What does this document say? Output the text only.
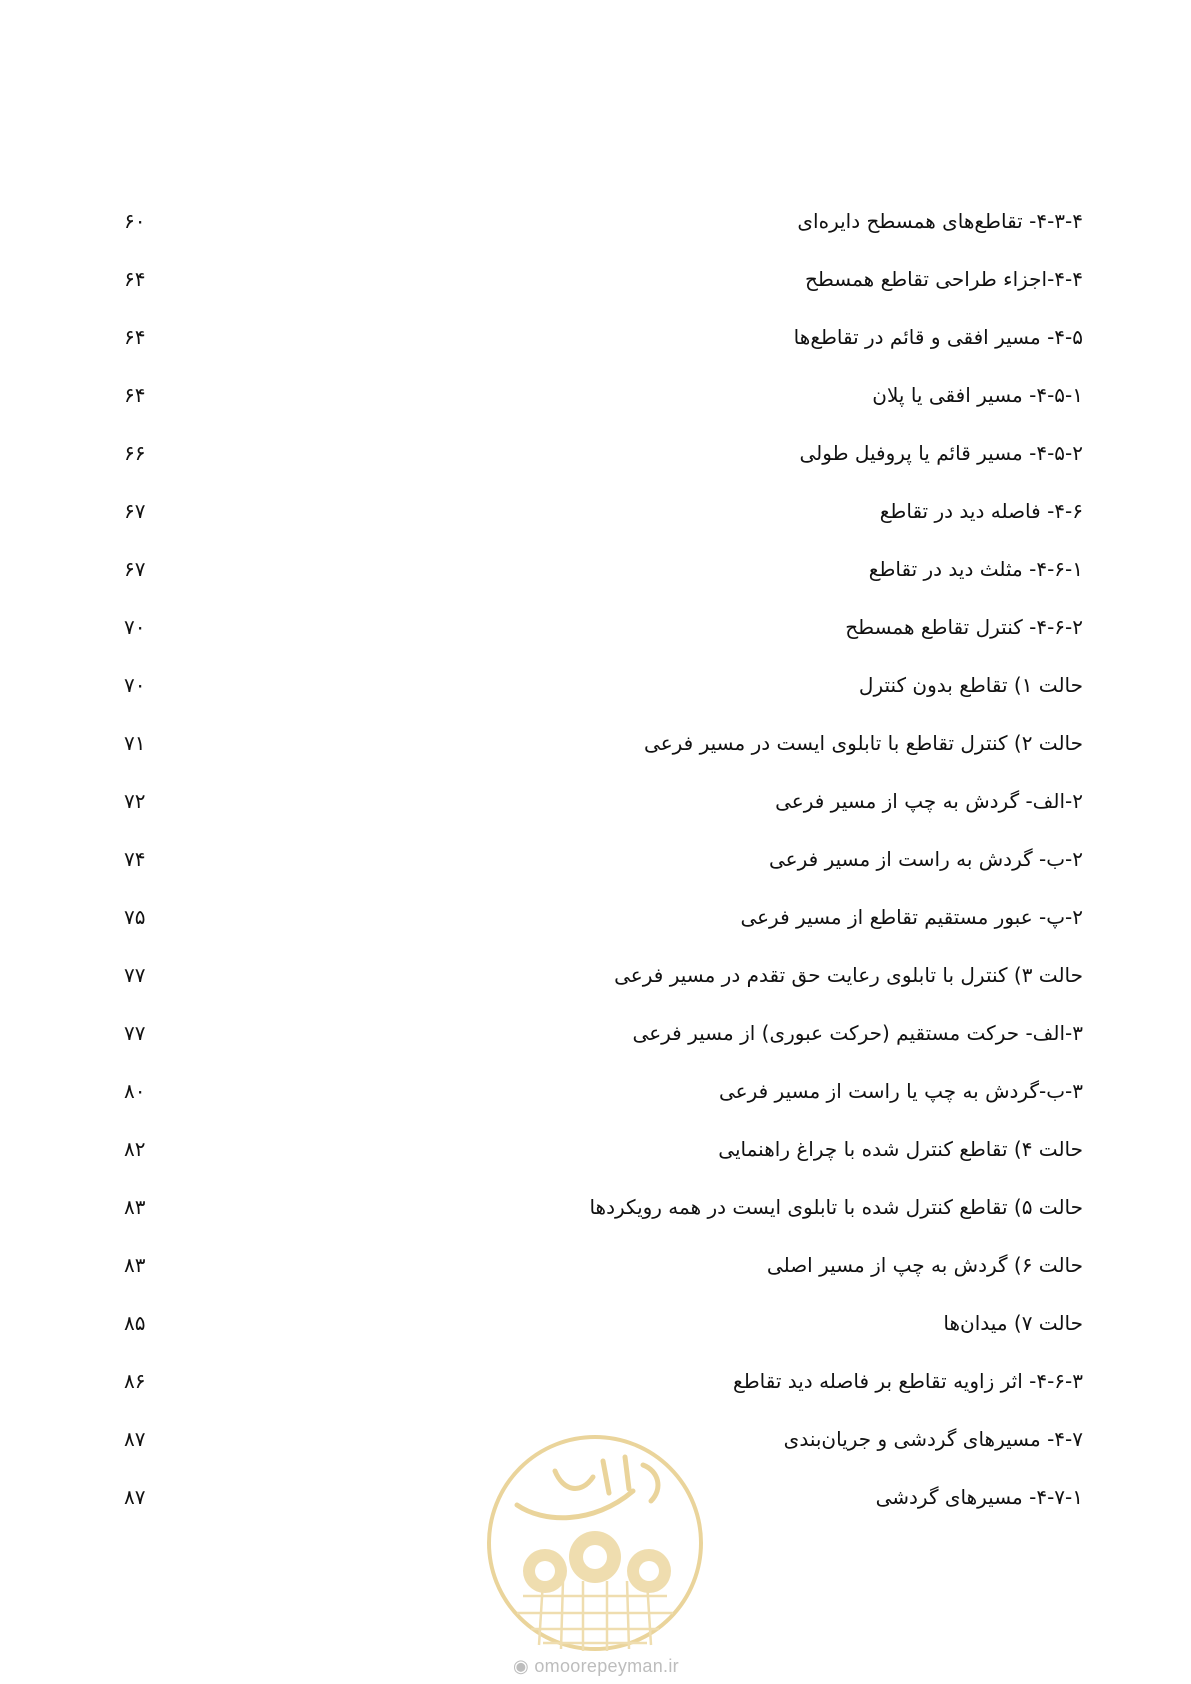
۴-۳-۴- تقاطع‌های همسطح دایره‌ای
۶۰
۴-۴-اجزاء طراحی تقاطع همسطح
۶۴
۴-۵- مسیر افقی و قائم در تقاطع‌ها
۶۴
۴-۵-۱- مسیر افقی یا پلان
۶۴
۴-۵-۲- مسیر قائم یا پروفیل طولی
۶۶
۴-۶- فاصله دید در تقاطع
۶۷
۴-۶-۱- مثلث دید در تقاطع
۶۷
۴-۶-۲- کنترل تقاطع همسطح
۷۰
حالت ۱) تقاطع بدون کنترل
۷۰
حالت ۲) کنترل تقاطع با تابلوی ایست در مسیر فرعی
۷۱
۲-الف- گردش به چپ از مسیر فرعی
۷۲
۲-ب- گردش به راست از مسیر فرعی
۷۴
۲-پ- عبور مستقیم تقاطع از مسیر فرعی
۷۵
حالت ۳) کنترل با تابلوی رعایت حق تقدم در مسیر فرعی
۷۷
۳-الف- حرکت مستقیم (حرکت عبوری) از مسیر فرعی
۷۷
۳-ب-گردش به چپ یا راست از مسیر فرعی
۸۰
حالت ۴) تقاطع کنترل شده با چراغ راهنمایی
۸۲
حالت ۵) تقاطع کنترل شده با تابلوی ایست در همه رویکردها
۸۳
حالت ۶) گردش به چپ از مسیر اصلی
۸۳
حالت ۷) میدان‌ها
۸۵
۴-۶-۳- اثر زاویه تقاطع بر فاصله دید تقاطع
۸۶
۴-۷- مسیرهای گردشی و جریان‌بندی
۸۷
۴-۷-۱- مسیرهای گردشی
۸۷
◉ omoorepeyman.ir
